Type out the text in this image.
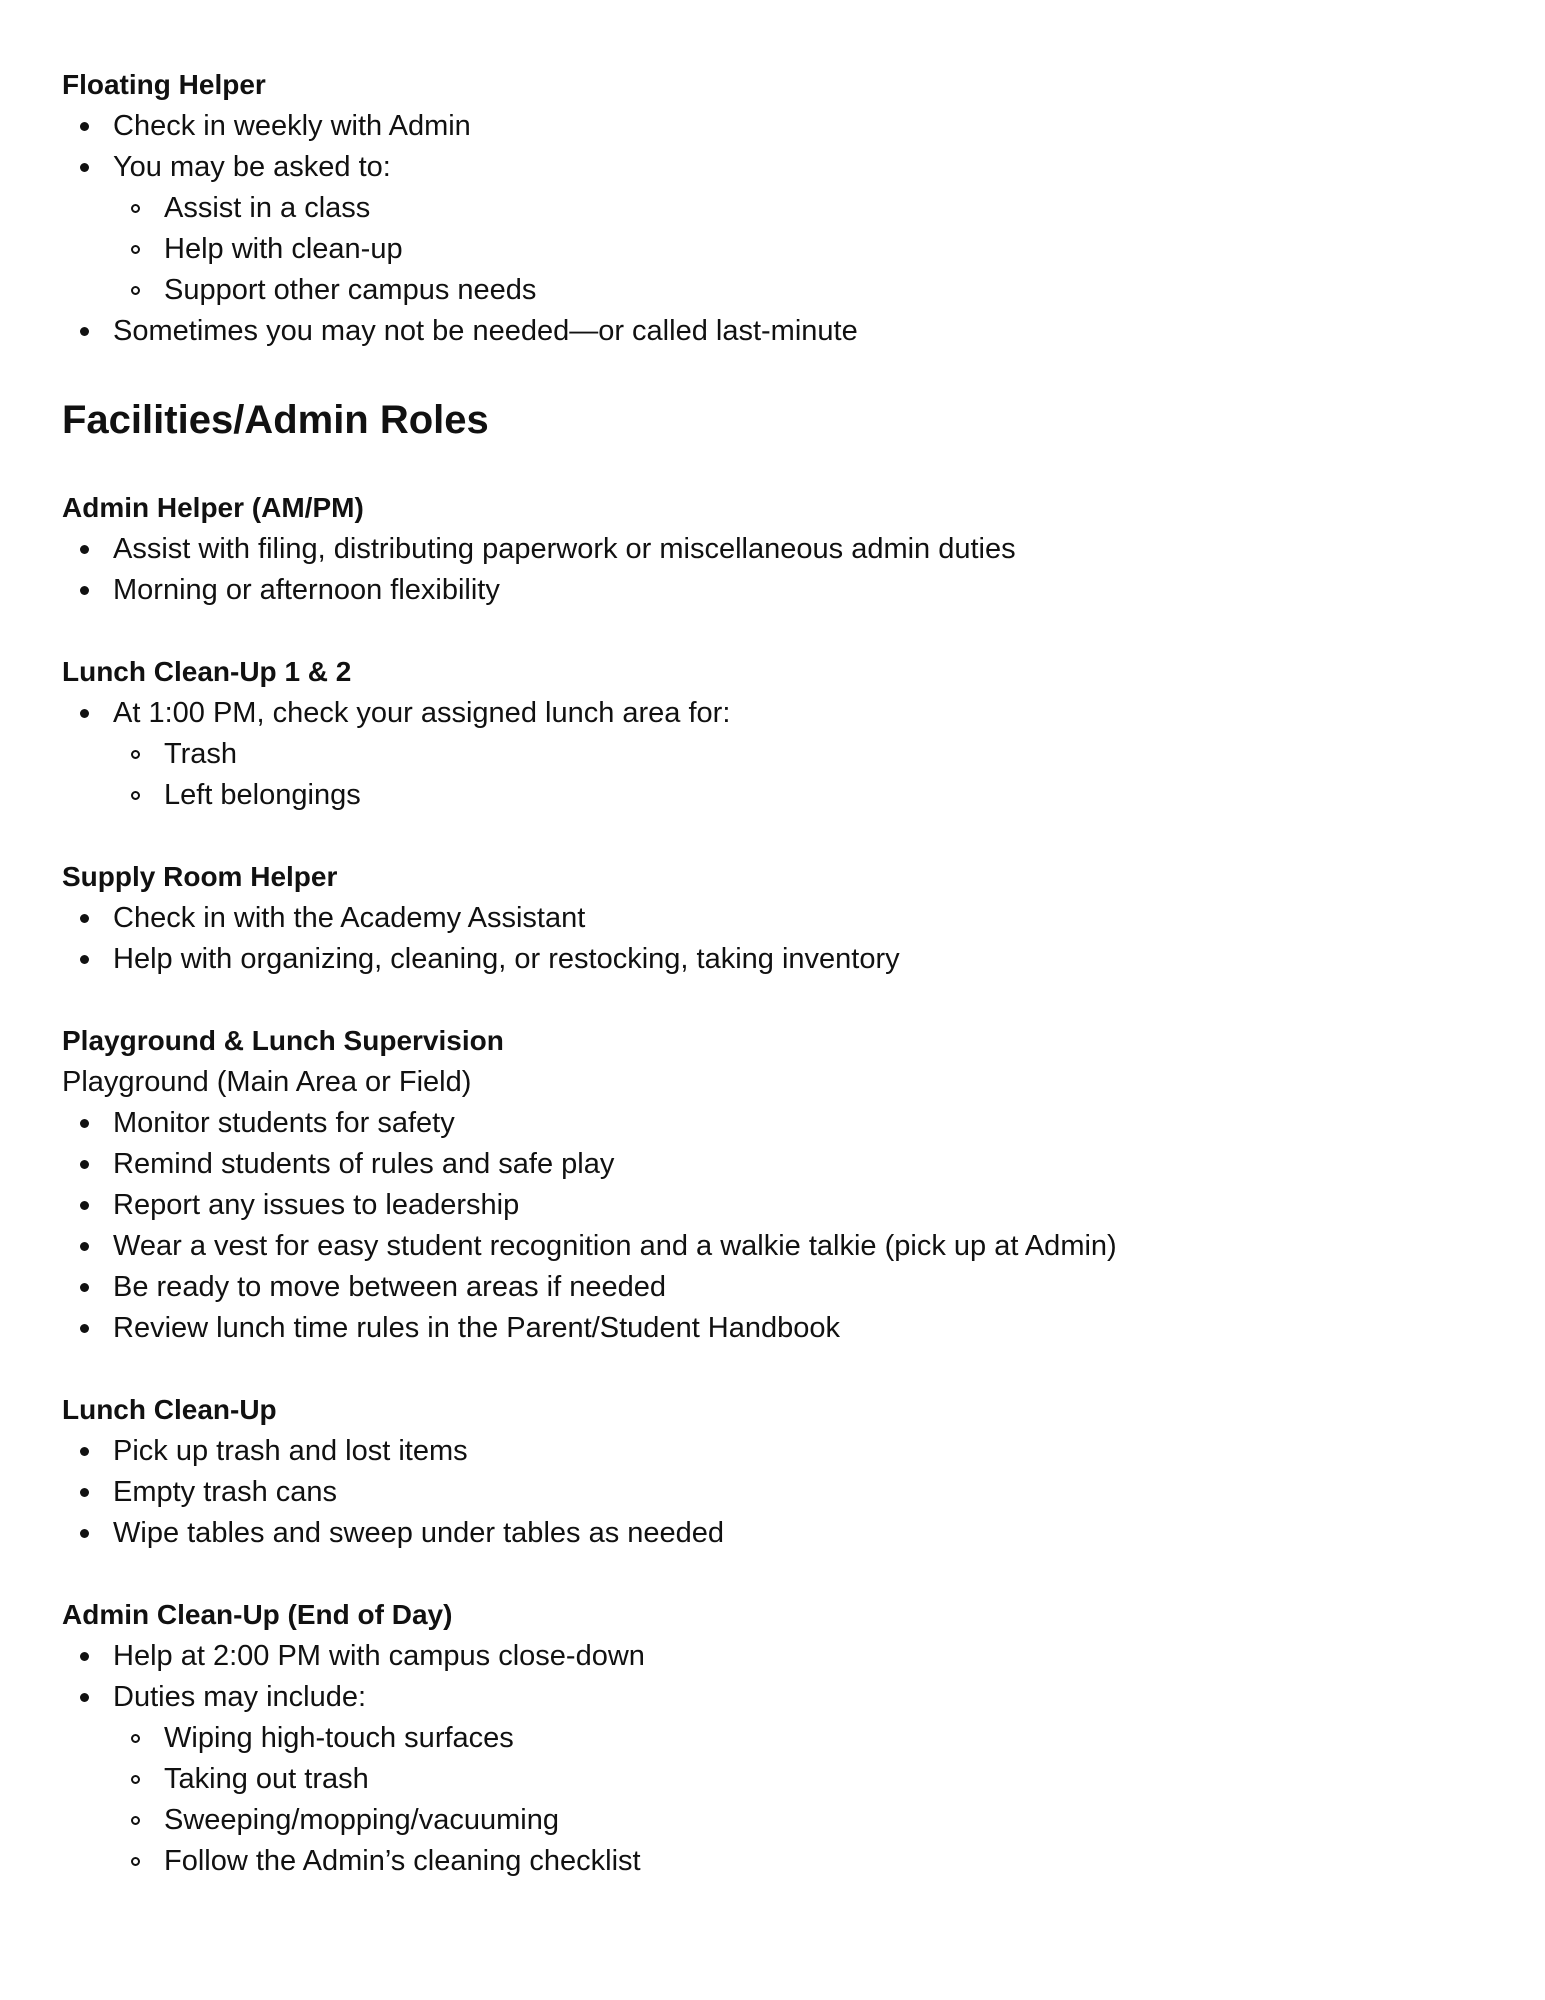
Floating Helper
Check in weekly with Admin
You may be asked to:
Assist in a class
Help with clean-up
Support other campus needs
Sometimes you may not be needed—or called last-minute
Facilities/Admin Roles
Admin Helper (AM/PM)
Assist with filing, distributing paperwork or miscellaneous admin duties
Morning or afternoon flexibility
Lunch Clean-Up 1 & 2
At 1:00 PM, check your assigned lunch area for:
Trash
Left belongings
Supply Room Helper
Check in with the Academy Assistant
Help with organizing, cleaning, or restocking, taking inventory
Playground & Lunch Supervision
Playground (Main Area or Field)
Monitor students for safety
Remind students of rules and safe play
Report any issues to leadership
Wear a vest for easy student recognition and a walkie talkie (pick up at Admin)
Be ready to move between areas if needed
Review lunch time rules in the Parent/Student Handbook
Lunch Clean-Up
Pick up trash and lost items
Empty trash cans
Wipe tables and sweep under tables as needed
Admin Clean-Up (End of Day)
Help at 2:00 PM with campus close-down
Duties may include:
Wiping high-touch surfaces
Taking out trash
Sweeping/mopping/vacuuming
Follow the Admin’s cleaning checklist
